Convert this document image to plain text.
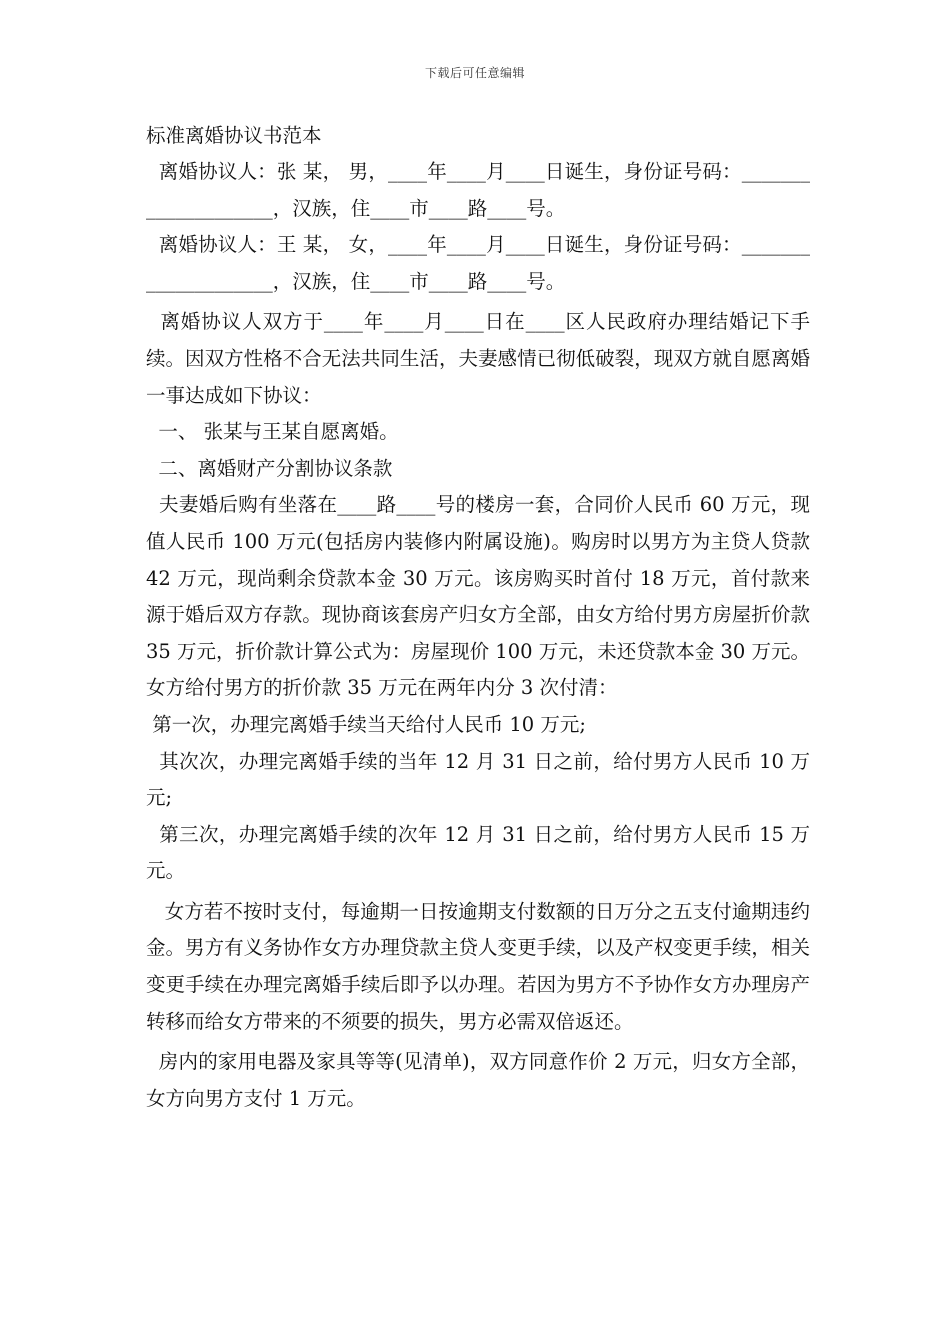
下载后可任意编辑

标准离婚协议书范本

离婚协议人：张 某， 男，____年____月____日诞生，身份证号码：____________________，汉族，住____市____路____号。

离婚协议人：王 某， 女，____年____月____日诞生，身份证号码：____________________，汉族，住____市____路____号。

离婚协议人双方于____年____月____日在____区人民政府办理结婚记下手续。因双方性格不合无法共同生活，夫妻感情已彻低破裂，现双方就自愿离婚一事达成如下协议：

一、 张某与王某自愿离婚。

二、离婚财产分割协议条款

夫妻婚后购有坐落在____路____号的楼房一套，合同价人民币 60 万元，现值人民币 100 万元(包括房内装修内附属设施)。购房时以男方为主贷人贷款 42 万元，现尚剩余贷款本金 30 万元。该房购买时首付 18 万元，首付款来源于婚后双方存款。现协商该套房产归女方全部，由女方给付男方房屋折价款 35 万元，折价款计算公式为：房屋现价 100 万元，未还贷款本金 30 万元。女方给付男方的折价款 35 万元在两年内分 3 次付清：

第一次，办理完离婚手续当天给付人民币 10 万元;

其次次，办理完离婚手续的当年 12 月 31 日之前，给付男方人民币 10 万元;

第三次，办理完离婚手续的次年 12 月 31 日之前，给付男方人民币 15 万元。

女方若不按时支付，每逾期一日按逾期支付数额的日万分之五支付逾期违约金。男方有义务协作女方办理贷款主贷人变更手续，以及产权变更手续，相关变更手续在办理完离婚手续后即予以办理。若因为男方不予协作女方办理房产转移而给女方带来的不须要的损失，男方必需双倍返还。

房内的家用电器及家具等等(见清单)，双方同意作价 2 万元，归女方全部，女方向男方支付 1 万元。
